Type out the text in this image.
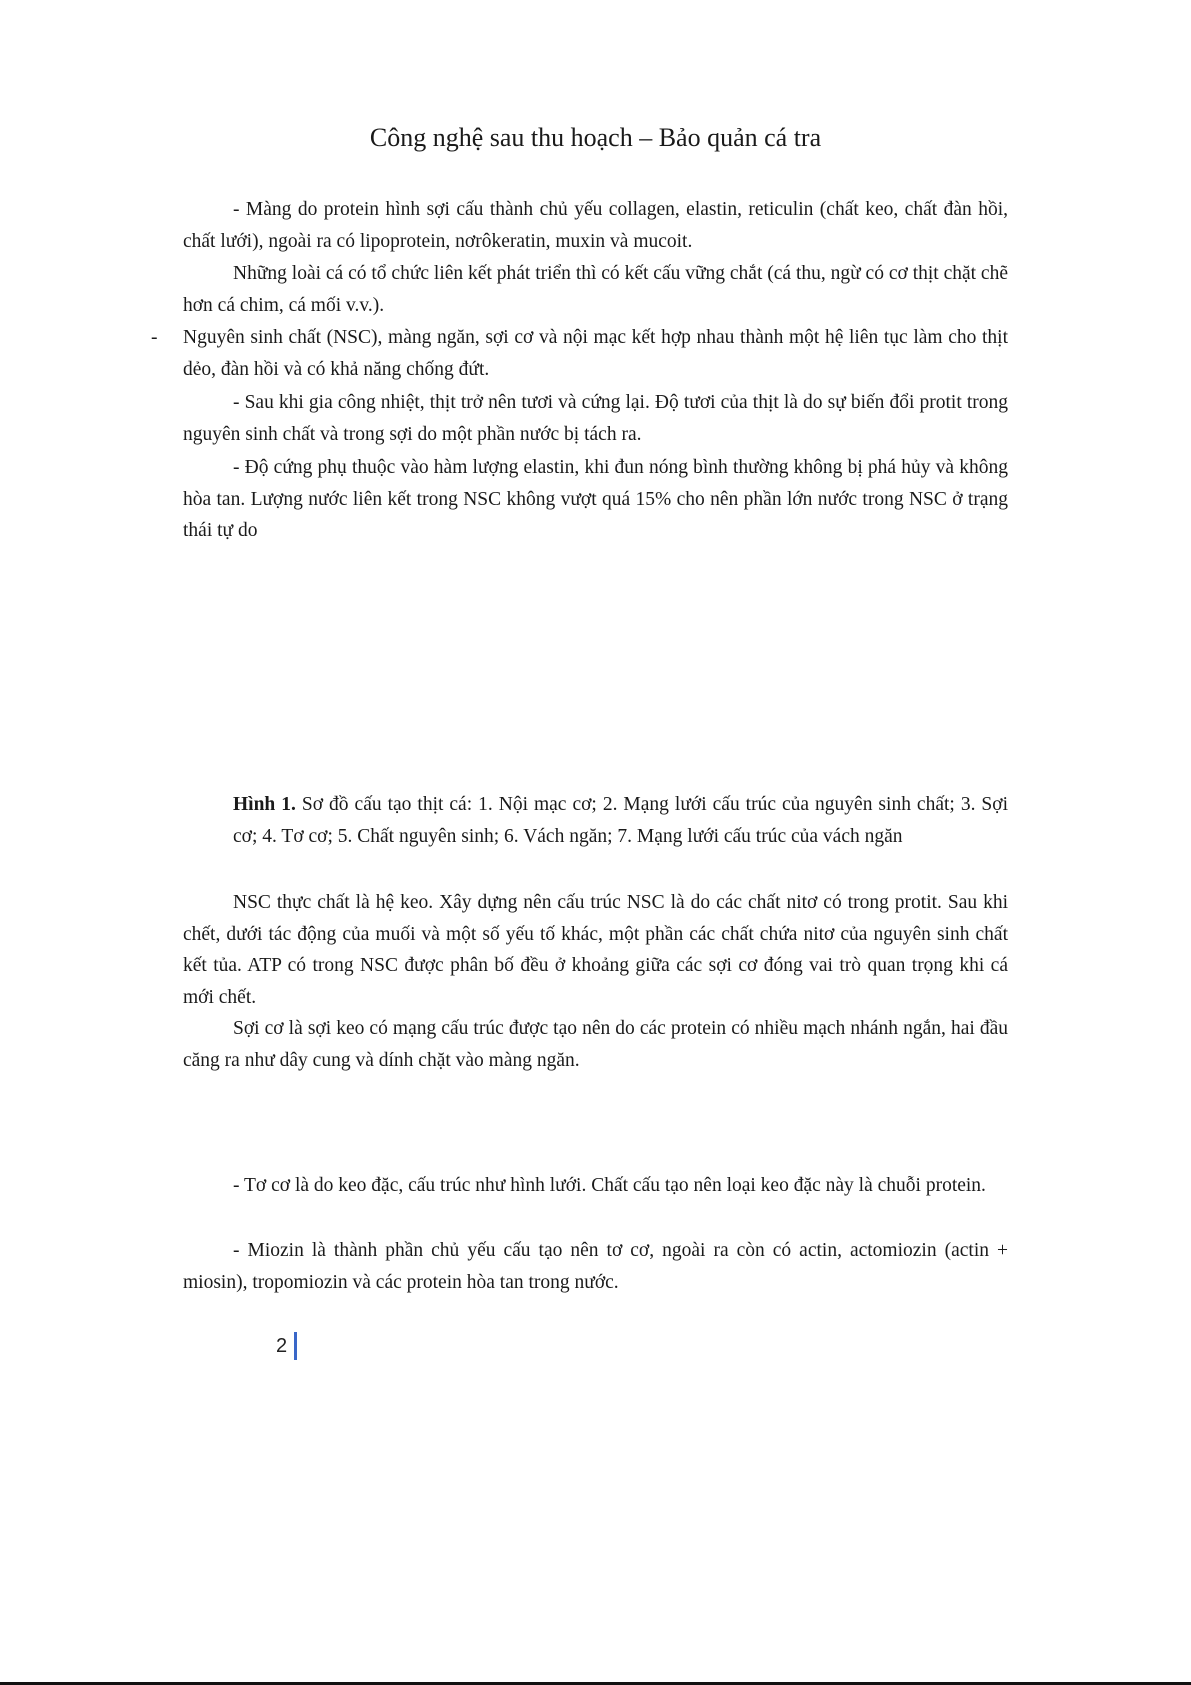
Công nghệ sau thu hoạch – Bảo quản cá tra

- Màng do protein hình sợi cấu thành chủ yếu collagen, elastin, reticulin (chất keo, chất đàn hồi, chất lưới), ngoài ra có lipoprotein, nơrôkeratin, muxin và mucoit.

Những loài cá có tổ chức liên kết phát triển thì có kết cấu vững chắt (cá thu, ngừ có cơ thịt chặt chẽ hơn cá chim, cá mối v.v.).

- Nguyên sinh chất (NSC), màng ngăn, sợi cơ và nội mạc kết hợp nhau thành một hệ liên tục làm cho thịt dẻo, đàn hồi và có khả năng chống đứt.

- Sau khi gia công nhiệt, thịt trở nên tươi và cứng lại. Độ tươi của thịt là do sự biến đổi protit trong nguyên sinh chất và trong sợi do một phần nước bị tách ra.

- Độ cứng phụ thuộc vào hàm lượng elastin, khi đun nóng bình thường không bị phá hủy và không hòa tan. Lượng nước liên kết trong NSC không vượt quá 15% cho nên phần lớn nước trong NSC ở trạng thái tự do

Hình 1. Sơ đồ cấu tạo thịt cá: 1. Nội mạc cơ; 2. Mạng lưới cấu trúc của nguyên sinh chất; 3. Sợi cơ; 4. Tơ cơ; 5. Chất nguyên sinh; 6. Vách ngăn; 7. Mạng lưới cấu trúc của vách ngăn

NSC thực chất là hệ keo. Xây dựng nên cấu trúc NSC là do các chất nitơ có trong protit. Sau khi chết, dưới tác động của muối và một số yếu tố khác, một phần các chất chứa nitơ của nguyên sinh chất kết tủa. ATP có trong NSC được phân bố đều ở khoảng giữa các sợi cơ đóng vai trò quan trọng khi cá mới chết.

Sợi cơ là sợi keo có mạng cấu trúc được tạo nên do các protein có nhiều mạch nhánh ngắn, hai đầu căng ra như dây cung và dính chặt vào màng ngăn.

- Tơ cơ là do keo đặc, cấu trúc như hình lưới. Chất cấu tạo nên loại keo đặc này là chuỗi protein.

- Miozin là thành phần chủ yếu cấu tạo nên tơ cơ, ngoài ra còn có actin, actomiozin (actin + miosin), tropomiozin và các protein hòa tan trong nước.

2
